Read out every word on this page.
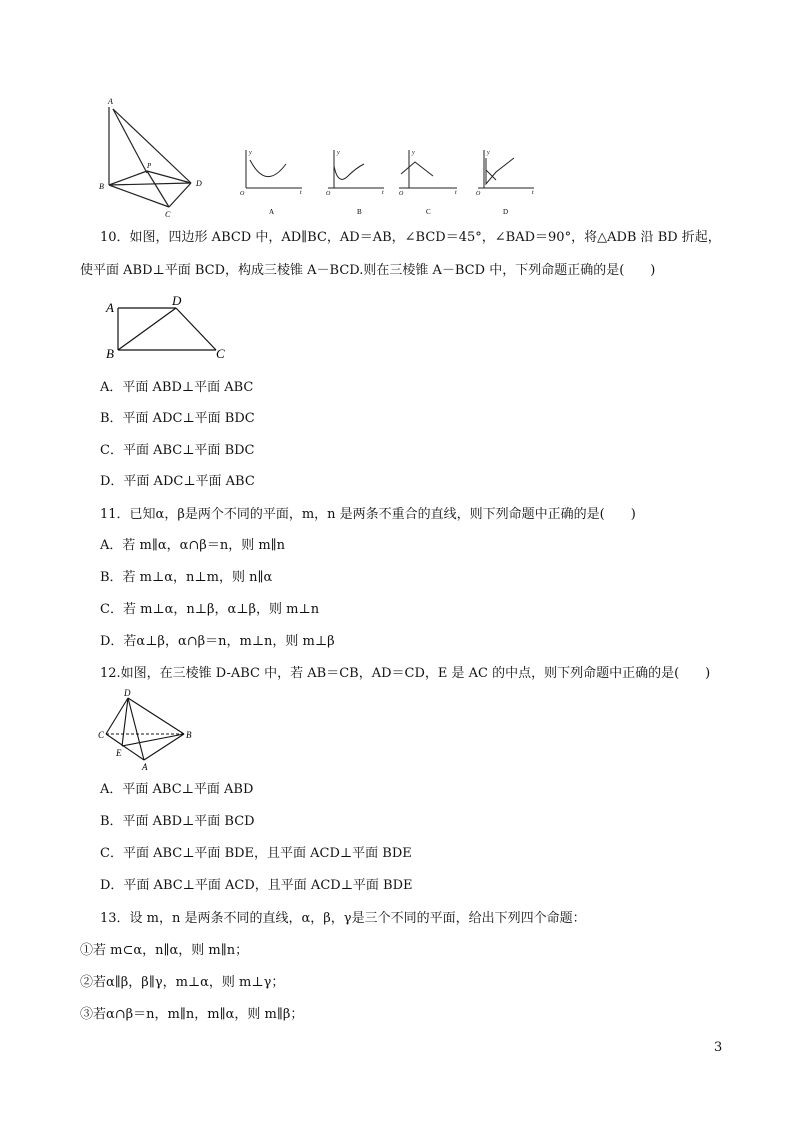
A
B
C
D
P
y
O	t
A
y
O	t
B
y
O	t
C
y
O	t
D
10．如图，四边形 ABCD 中，AD∥BC，AD＝AB，∠BCD＝45°，∠BAD＝90°，将△ADB 沿 BD 折起，
使平面 ABD⊥平面 BCD，构成三棱锥 A－BCD.则在三棱锥 A－BCD 中，下列命题正确的是(　　)
A	D
B	C
A．平面 ABD⊥平面 ABC
B．平面 ADC⊥平面 BDC
C．平面 ABC⊥平面 BDC
D．平面 ADC⊥平面 ABC
11．已知α，β是两个不同的平面，m，n 是两条不重合的直线，则下列命题中正确的是(　　)
A．若 m∥α，α∩β＝n，则 m∥n
B．若 m⊥α，n⊥m，则 n∥α
C．若 m⊥α，n⊥β，α⊥β，则 m⊥n
D．若α⊥β，α∩β＝n，m⊥n，则 m⊥β
12.如图，在三棱锥 D-ABC 中，若 AB＝CB，AD＝CD，E 是 AC 的中点，则下列命题中正确的是(　　)
D
C	B
E
A
A．平面 ABC⊥平面 ABD
B．平面 ABD⊥平面 BCD
C．平面 ABC⊥平面 BDE，且平面 ACD⊥平面 BDE
D．平面 ABC⊥平面 ACD，且平面 ACD⊥平面 BDE
13．设 m，n 是两条不同的直线，α，β，γ是三个不同的平面，给出下列四个命题：
①若 m⊂α，n∥α，则 m∥n；
②若α∥β，β∥γ，m⊥α，则 m⊥γ；
③若α∩β＝n，m∥n，m∥α，则 m∥β；
3
